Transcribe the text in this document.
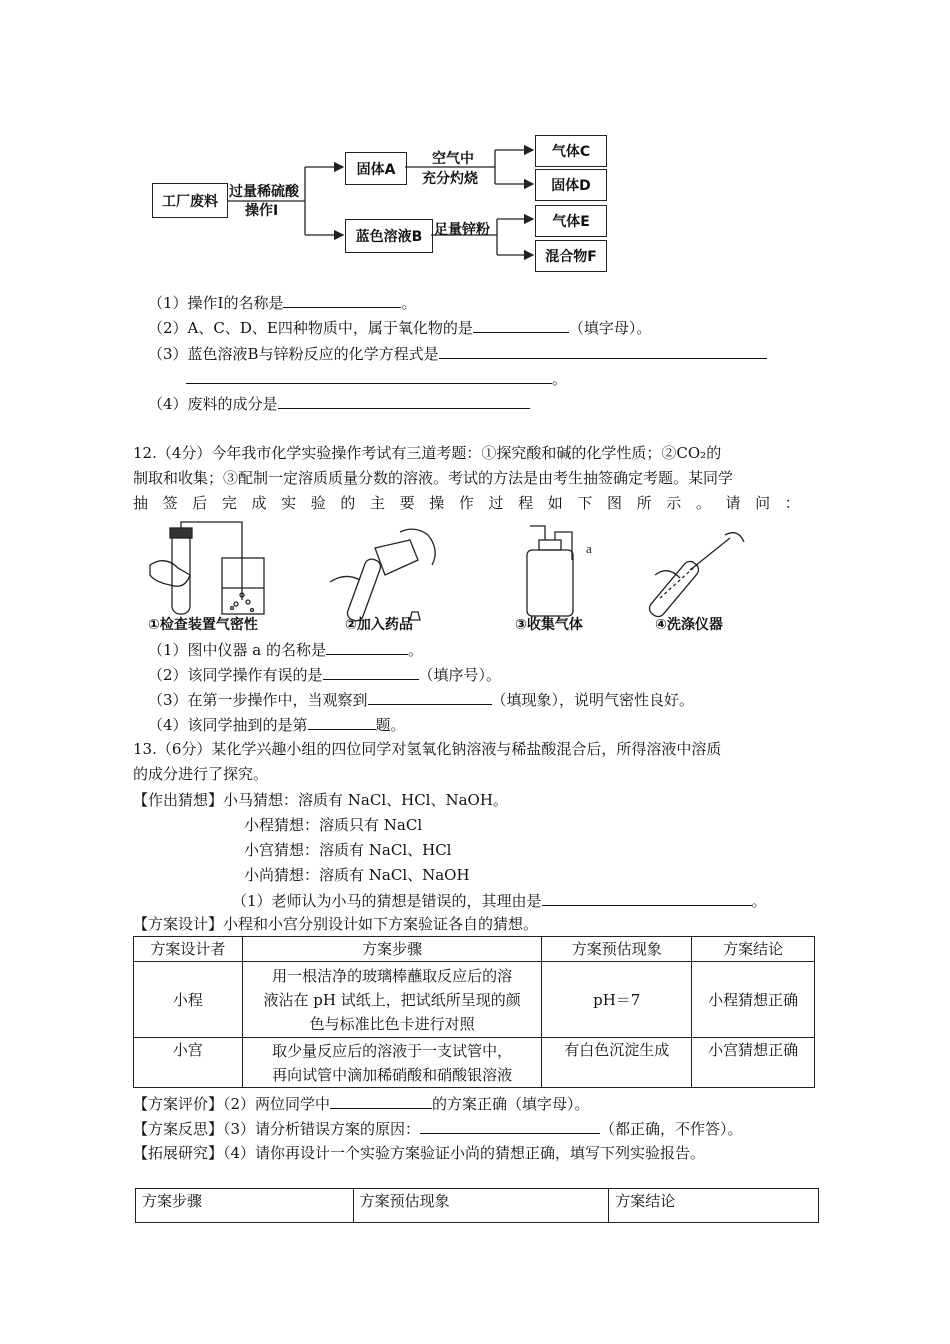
工厂废料
过量稀硫酸
操作I
固体A
空气中
充分灼烧
气体C
固体D
蓝色溶液B 足量锌粉	气体E
混合物F
（1）操作Ⅰ的名称是	。
（2）A、C、D、E四种物质中，属于氧化物的是	（填字母）。
（3）蓝色溶液B与锌粉反应的化学方程式是
。
（4）废料的成分是
12.（4分）今年我市化学实验操作考试有三道考题：①探究酸和碱的化学性质；②CO₂的
制取和收集；③配制一定溶质质量分数的溶液。考试的方法是由考生抽签确定考题。某同学
抽 签 后 完 成 实 验 的 主 要 操 作 过 程 如 下 图 所 示 。 请 问 ：
a
①检查装置气密性	②加入药品	③收集气体	④洗涤仪器
（1）图中仪器 a 的名称是	。
（2）该同学操作有误的是	（填序号）。
（3）在第一步操作中，当观察到	（填现象），说明气密性良好。
（4）该同学抽到的是第	题。
13.（6分）某化学兴趣小组的四位同学对氢氧化钠溶液与稀盐酸混合后，所得溶液中溶质
的成分进行了探究。
【作出猜想】小马猜想：溶质有 NaCl、HCl、NaOH。
小程猜想：溶质只有 NaCl
小宫猜想：溶质有 NaCl、HCl
小尚猜想：溶质有 NaCl、NaOH
（1）老师认为小马的猜想是错误的，其理由是	。
【方案设计】小程和小宫分别设计如下方案验证各自的猜想。
方案设计者	方案步骤	方案预估现象	方案结论
小程	用一根洁净的玻璃棒蘸取反应后的溶
液沾在 pH 试纸上，把试纸所呈现的颜
色与标准比色卡进行对照	pH＝7	小程猜想正确
小宫	取少量反应后的溶液于一支试管中，
再向试管中滴加稀硝酸和硝酸银溶液	有白色沉淀生成	小宫猜想正确
【方案评价】（2）两位同学中	的方案正确（填字母）。
【方案反思】（3）请分析错误方案的原因：	（都正确，不作答）。
【拓展研究】（4）请你再设计一个实验方案验证小尚的猜想正确，填写下列实验报告。
方案步骤	方案预估现象	方案结论
